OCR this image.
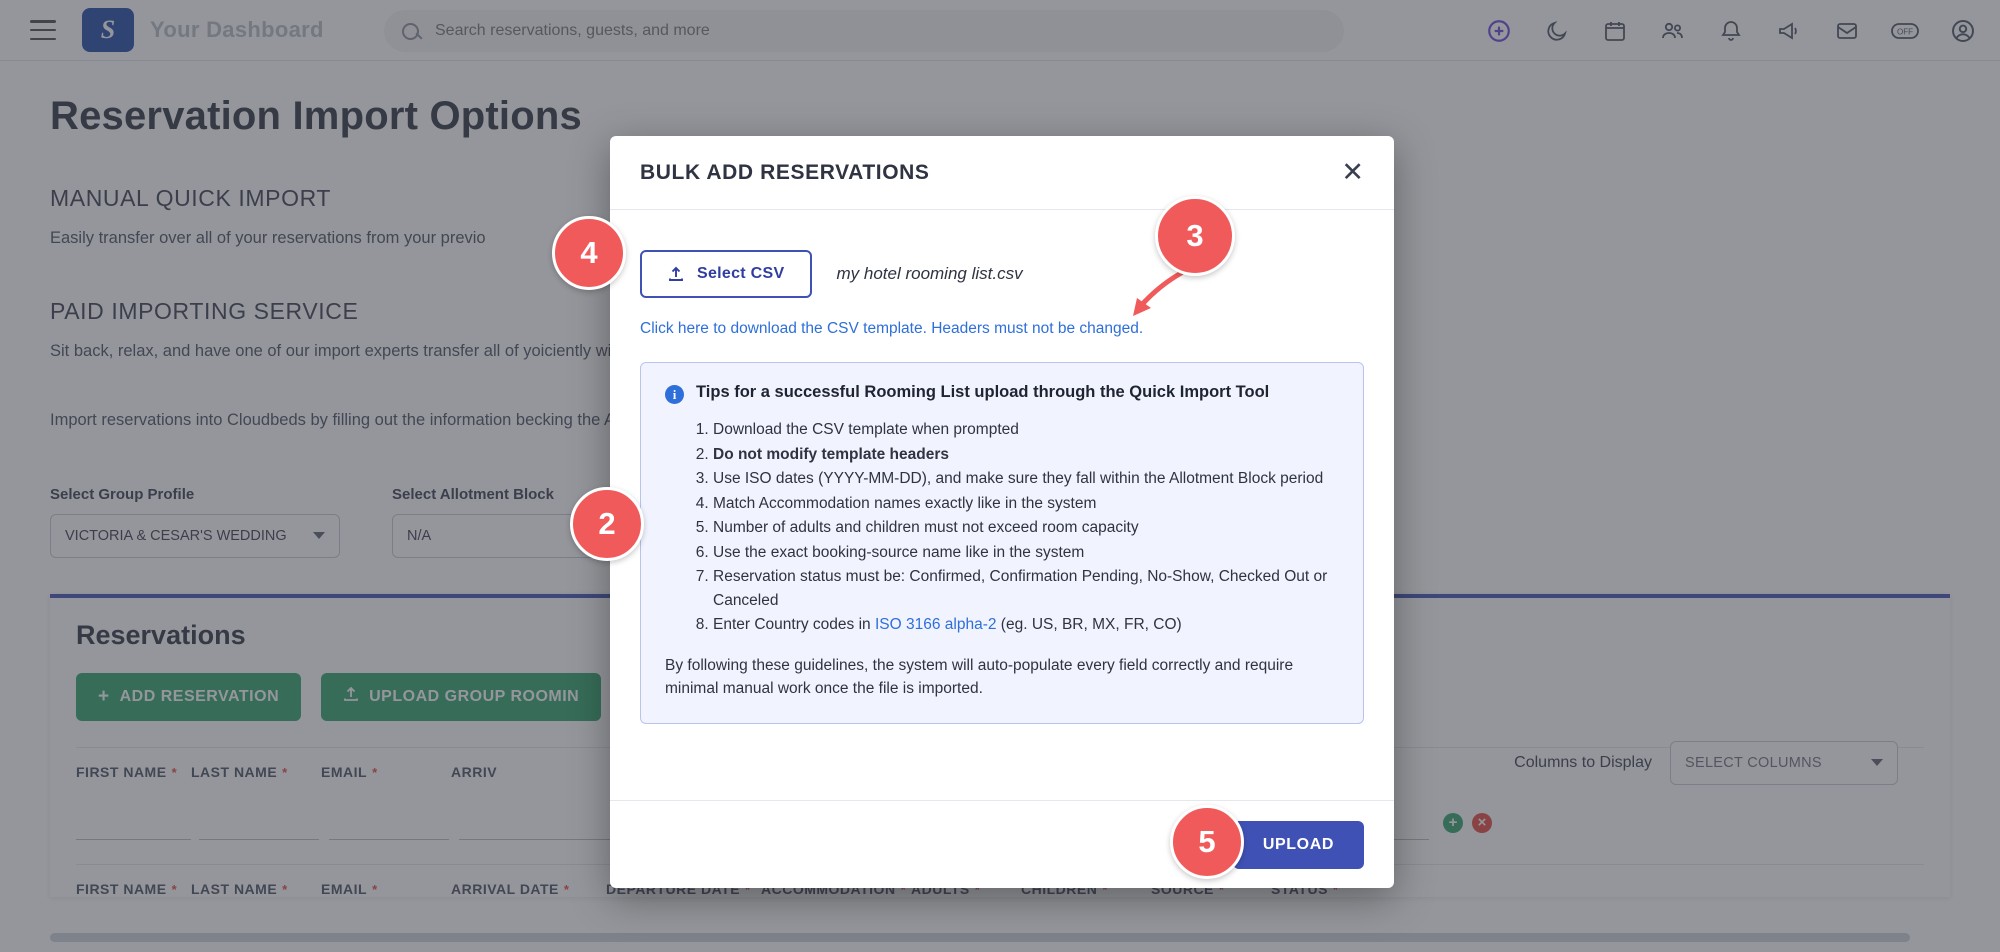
Search reservations, guests, and more
BULK ADD RESERVATIONS	✕
Select CSV	my hotel rooming list.csv
Click here to download the CSV template. Headers must not be changed.
i	Tips for a successful Rooming List upload through the Quick Import Tool
1. Download the CSV template when prompted
2. Do not modify template headers
3. Use ISO dates (YYYY-MM-DD), and make sure they fall within the Allotment Block period
4. Match Accommodation names exactly like in the system
5. Number of adults and children must not exceed room capacity
6. Use the exact booking-source name like in the system
7. Reservation status must be: Confirmed, Confirmation Pending, No-Show, Checked Out or Canceled
8. Enter Country codes in ISO 3166 alpha-2 (eg. US, BR, MX, FR, CO)
By following these guidelines, the system will auto-populate every field correctly and require minimal manual work once the file is imported.
UPLOAD
4	3
2
5
